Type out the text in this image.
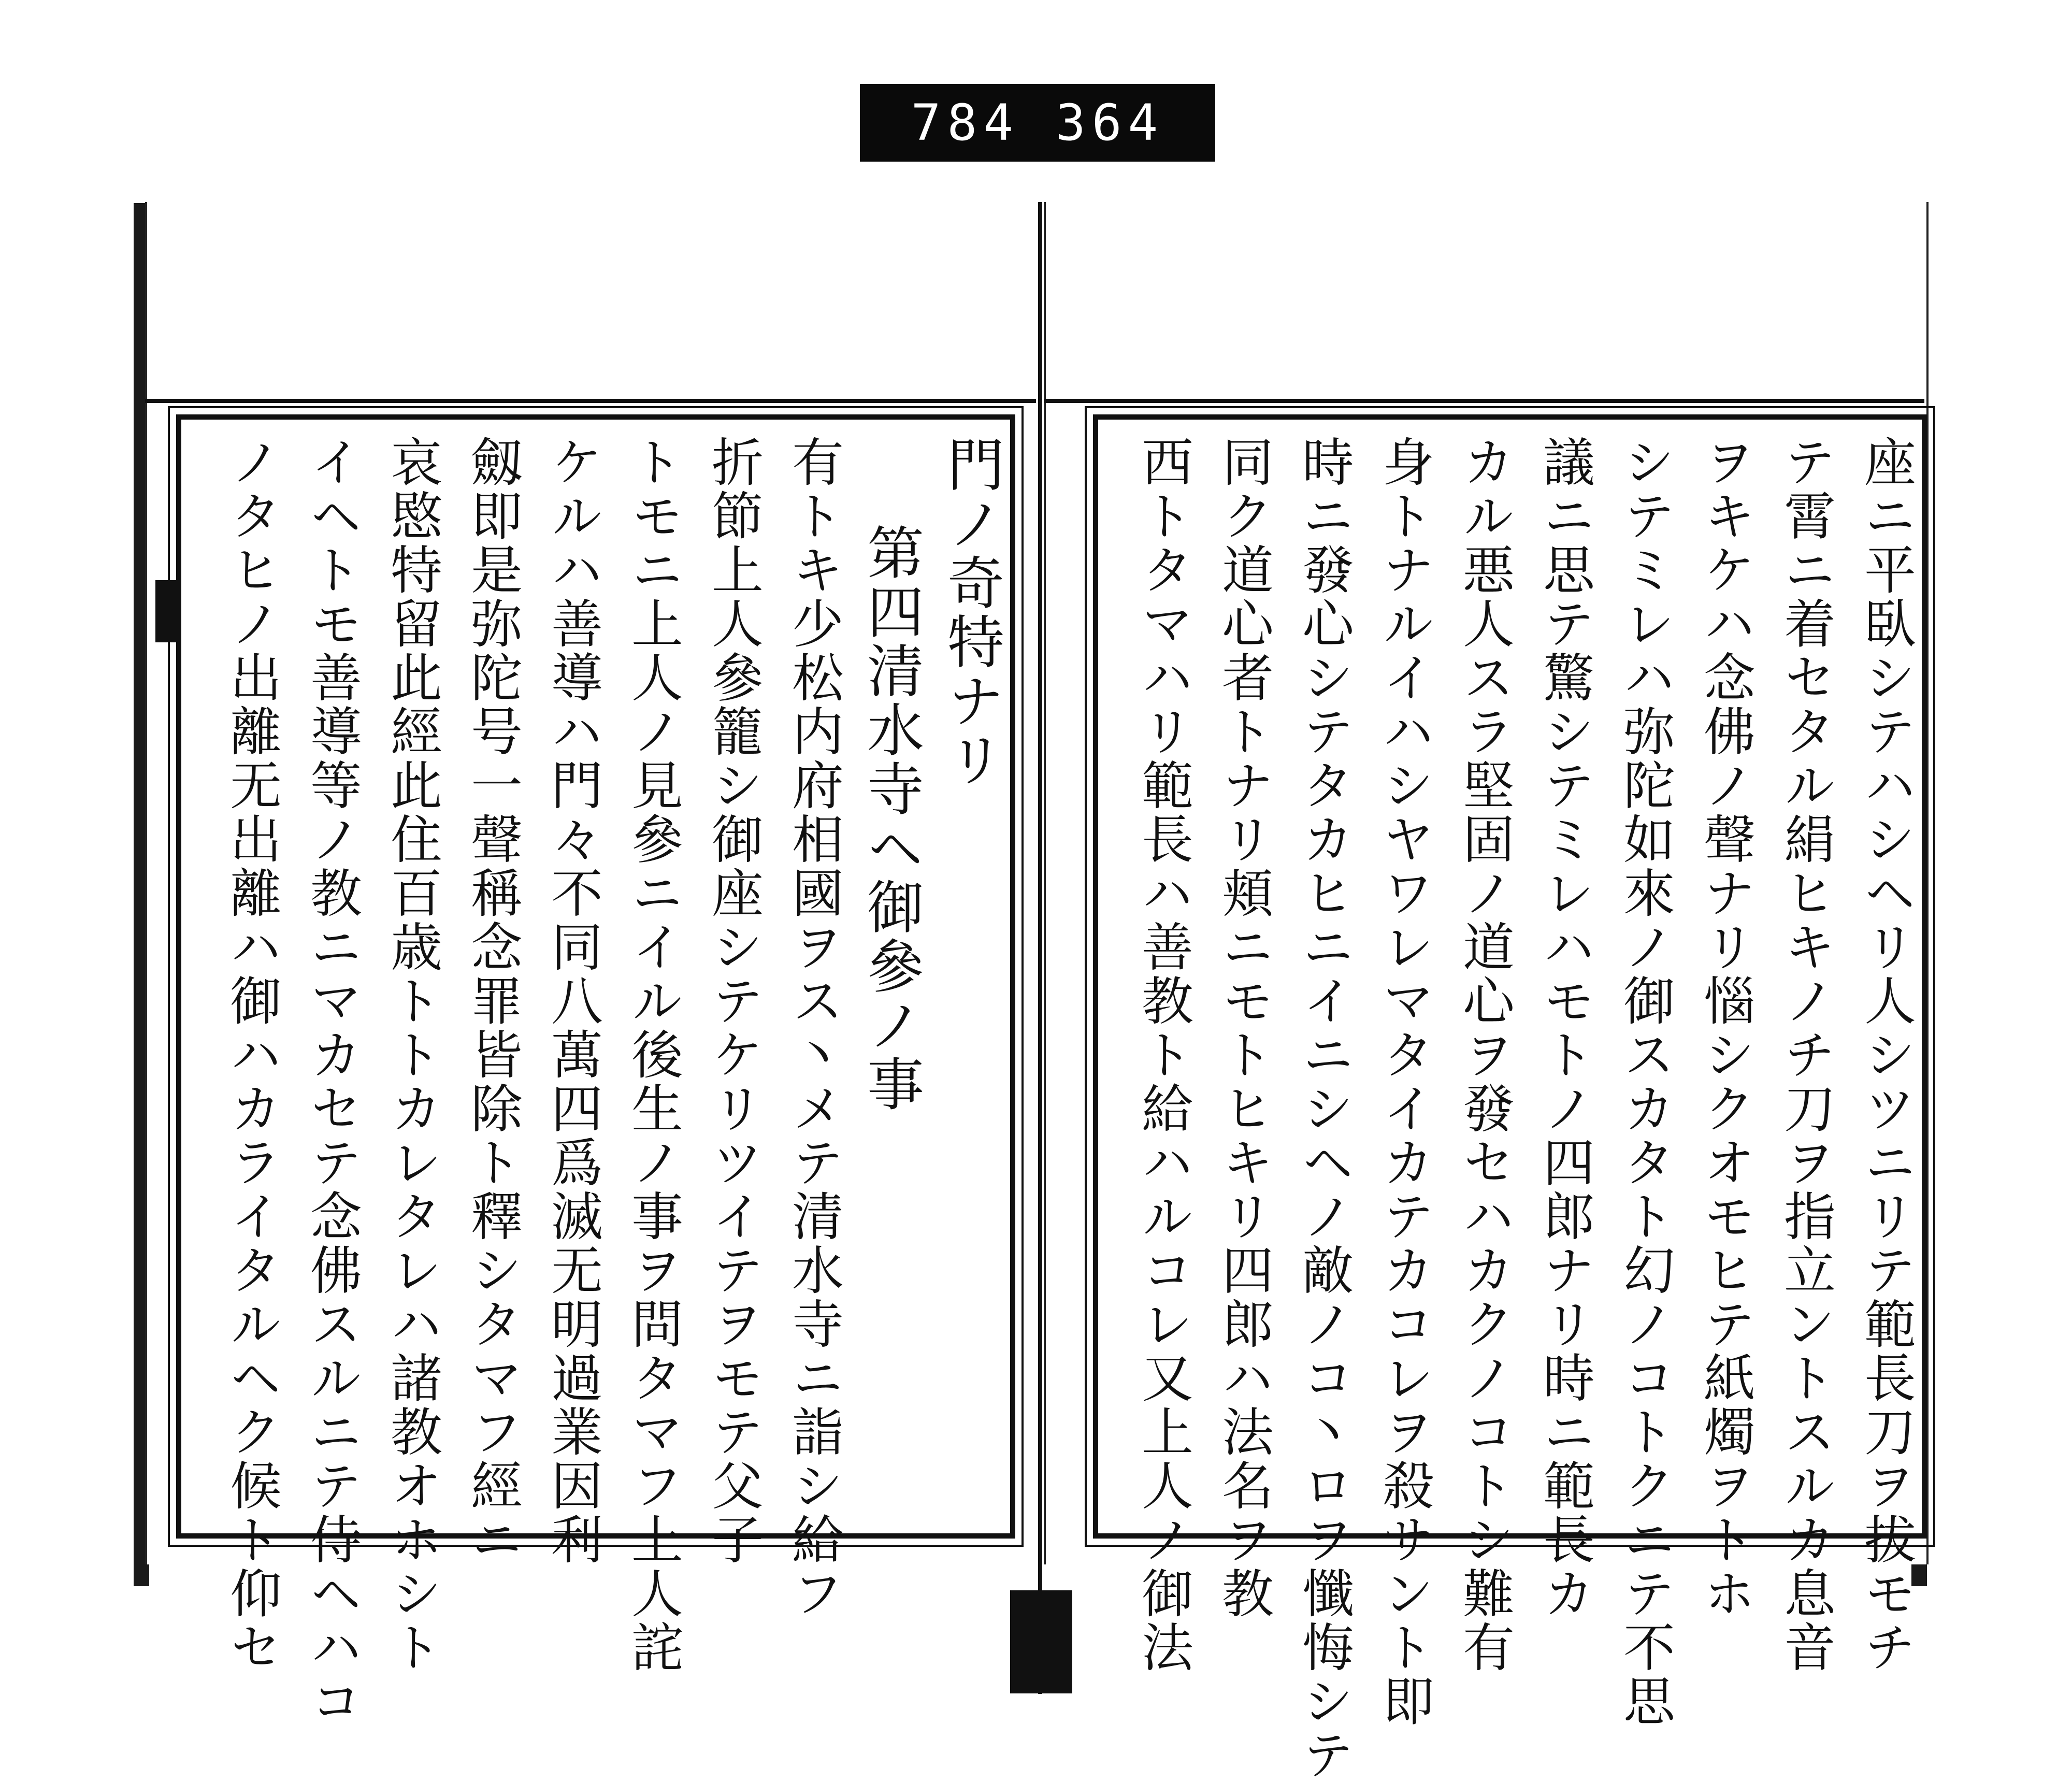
784 364
門ノ奇特ナリ
第四清水寺ヘ御參ノ事
有トキ少松内府相國ヲス丶メテ清水寺ニ詣シ給フ
折節上人參籠シ御座シテケリツイテヲモテ父子
トモニ上人ノ見參ニイル後生ノ事ヲ問タマフ上人詫
ケルハ善導ハ門々不同八萬四爲滅无明過業因利
劔即是弥陀号一聲稱念罪皆除ト釋シタマフ經ニ
哀愍特留此經此住百歳トトカレタレハ諸教オホシト
イヘトモ善導等ノ教ニマカセテ念佛スルニテ侍ヘハコ
ノタヒノ出離无出離ハ御ハカライタルヘク候ト仰セ	座ニ平臥シテハシヘリ人シツニリテ範長刀ヲ拔モチ
テ霄ニ着セタル絹ヒキノチ刀ヲ指立ントスルカ息音
ヲキケハ念佛ノ聲ナリ惱シクオモヒテ紙燭ヲトホ
シテミレハ弥陀如來ノ御スカタト幻ノコトクニテ不思
議ニ思テ驚シテミレハモトノ四郎ナリ時ニ範長カ
カル悪人スラ堅固ノ道心ヲ發セハカクノコトシ難有
身トナルイハシヤワレマタイカテカコレヲ殺サント即
時ニ發心シテタカヒニイニシヘノ敵ノコ丶ロヲ懺悔シテ
同ク道心者トナリ頬ニモトヒキリ四郎ハ法名ヲ教
西トタマハリ範長ハ善教ト給ハルコレ又上人ノ御法
